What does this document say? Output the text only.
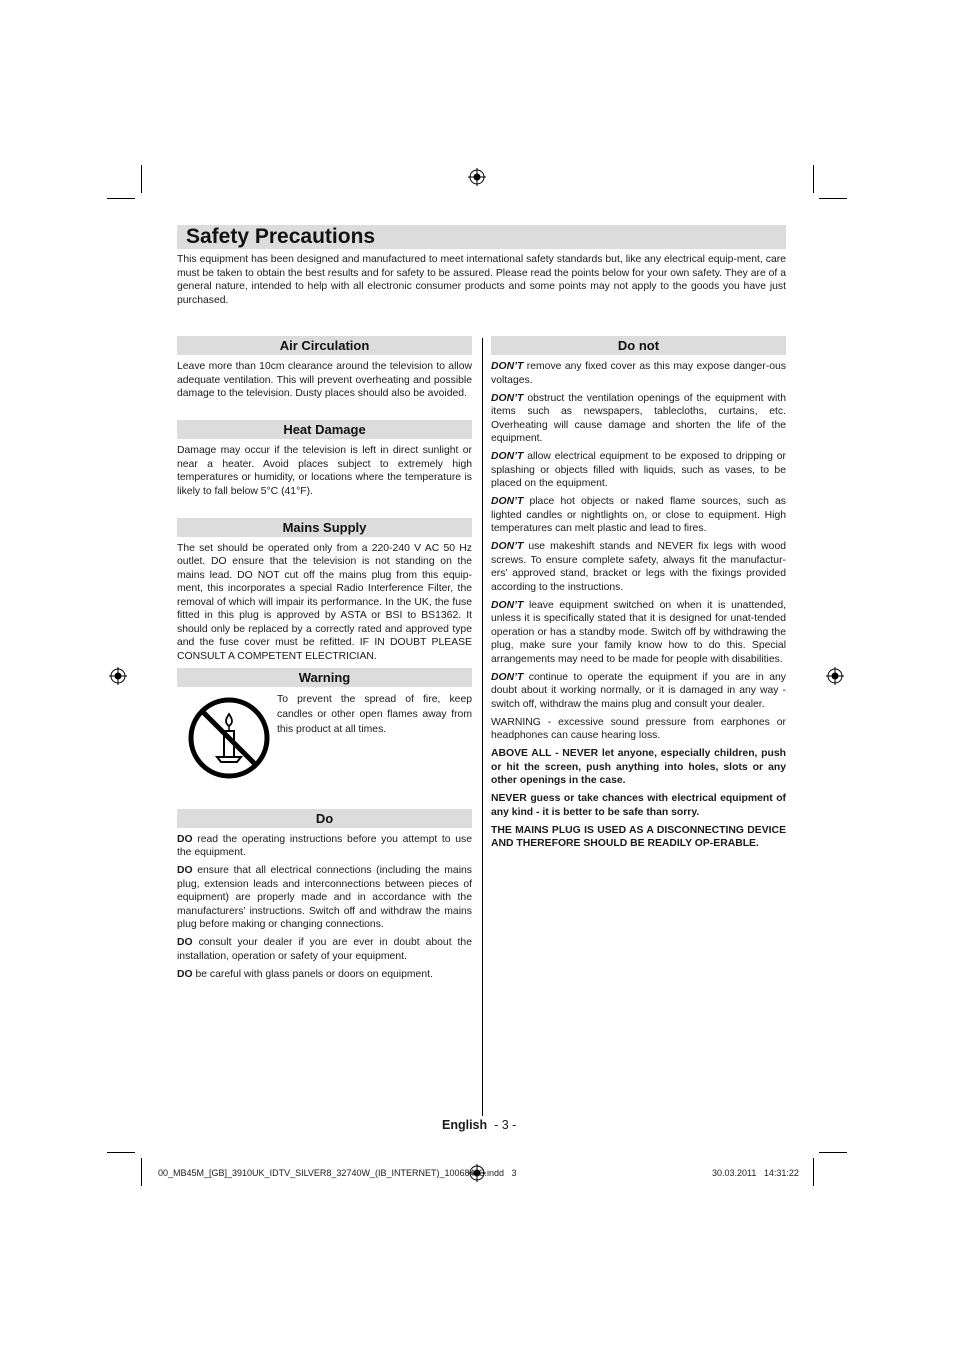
Safety Precautions

This equipment has been designed and manufactured to meet international safety standards but, like any electrical equip-ment, care must be taken to obtain the best results and for safety to be assured. Please read the points below for your own safety. They are of a general nature, intended to help with all electronic consumer products and some points may not apply to the goods you have just purchased.

Air Circulation

Leave more than 10cm clearance around the television to allow adequate ventilation. This will prevent overheating and possible damage to the television. Dusty places should also be avoided.

Heat Damage

Damage may occur if the television is left in direct sunlight or near a heater. Avoid places subject to extremely high temperatures or humidity, or locations where the temperature is likely to fall below 5°C (41°F).

Mains Supply

The set should be operated only from a 220-240 V AC 50 Hz outlet. DO ensure that the television is not standing on the mains lead. DO NOT cut off the mains plug from this equip-ment, this incorporates a special Radio Interference Filter, the removal of which will impair its performance. In the UK, the fuse fitted in this plug is approved by ASTA or BSI to BS1362. It should only be replaced by a correctly rated and approved type and the fuse cover must be refitted. IF IN DOUBT PLEASE CONSULT A COMPETENT ELECTRICIAN.

Warning

To prevent the spread of fire, keep candles or other open flames away from this product at all times.

Do

DO read the operating instructions before you attempt to use the equipment.

DO ensure that all electrical connections (including the mains plug, extension leads and interconnections between pieces of equipment) are properly made and in accordance with the manufacturers’ instructions. Switch off and withdraw the mains plug before making or changing connections.

DO consult your dealer if you are ever in doubt about the installation, operation or safety of your equipment.

DO be careful with glass panels or doors on equipment.

Do not

DON’T remove any fixed cover as this may expose danger-ous voltages.

DON’T obstruct the ventilation openings of the equipment with items such as newspapers, tablecloths, curtains, etc. Overheating will cause damage and shorten the life of the equipment.

DON’T allow electrical equipment to be exposed to dripping or splashing or objects filled with liquids, such as vases, to be placed on the equipment.

DON’T place hot objects or naked flame sources, such as lighted candles or nightlights on, or close to equipment. High temperatures can melt plastic and lead to fires.

DON’T use makeshift stands and NEVER fix legs with wood screws. To ensure complete safety, always fit the manufactur-ers’ approved stand, bracket or legs with the fixings provided according to the instructions.

DON’T leave equipment switched on when it is unattended, unless it is specifically stated that it is designed for unat-tended operation or has a standby mode. Switch off by withdrawing the plug, make sure your family know how to do this. Special arrangements may need to be made for people with disabilities.

DON’T continue to operate the equipment if you are in any doubt about it working normally, or it is damaged in any way - switch off, withdraw the mains plug and consult your dealer.

WARNING - excessive sound pressure from earphones or headphones can cause hearing loss.

ABOVE ALL - NEVER let anyone, especially children, push or hit the screen, push anything into holes, slots or any other openings in the case.

NEVER guess or take chances with electrical equipment of any kind - it is better to be safe than sorry.

THE MAINS PLUG IS USED AS A DISCONNECTING DEVICE AND THEREFORE SHOULD BE READILY OP-ERABLE.

English - 3 -
00_MB45M_[GB]_3910UK_IDTV_SILVER8_32740W_(IB_INTERNET)_10068433.indd   3	30.03.2011   14:31:22
